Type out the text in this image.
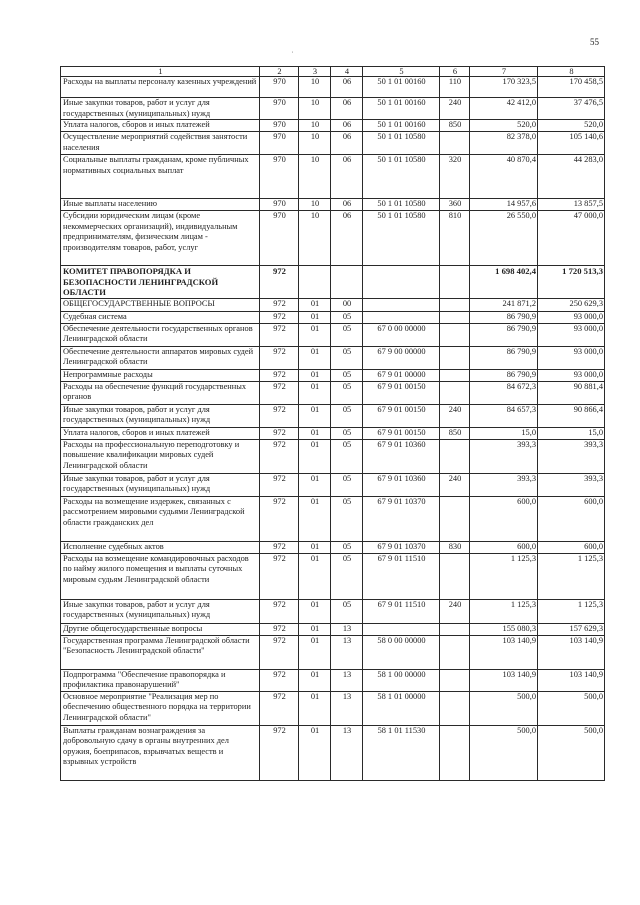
55
˙
1	2	3	4	5	6	7	8
Расходы на выплаты персоналу казенных учреждений	970	10	06	50 1 01 00160	110	170 323,5	170 458,5
Иные закупки товаров, работ и услуг для государственных (муниципальных) нужд	970	10	06	50 1 01 00160	240	42 412,0	37 476,5
Уплата налогов, сборов и иных платежей	970	10	06	50 1 01 00160	850	520,0	520,0
Осуществление мероприятий содействия занятости населения	970	10	06	50 1 01 10580		82 378,0	105 140,6
Социальные выплаты гражданам, кроме публичных нормативных социальных выплат	970	10	06	50 1 01 10580	320	40 870,4	44 283,0
Иные выплаты населению	970	10	06	50 1 01 10580	360	14 957,6	13 857,5
Субсидии юридическим лицам (кроме некоммерческих организаций), индивидуальным предпринимателям, физическим лицам - производителям товаров, работ, услуг	970	10	06	50 1 01 10580	810	26 550,0	47 000,0
КОМИТЕТ ПРАВОПОРЯДКА И БЕЗОПАСНОСТИ ЛЕНИНГРАДСКОЙ ОБЛАСТИ	972					1 698 402,4	1 720 513,3
ОБЩЕГОСУДАРСТВЕННЫЕ ВОПРОСЫ	972	01	00			241 871,2	250 629,3
Судебная система	972	01	05			86 790,9	93 000,0
Обеспечение деятельности государственных органов Ленинградской области	972	01	05	67 0 00 00000		86 790,9	93 000,0
Обеспечение деятельности аппаратов мировых судей Ленинградской области	972	01	05	67 9 00 00000		86 790,9	93 000,0
Непрограммные расходы	972	01	05	67 9 01 00000		86 790,9	93 000,0
Расходы на обеспечение функций государственных органов	972	01	05	67 9 01 00150		84 672,3	90 881,4
Иные закупки товаров, работ и услуг для государственных (муниципальных) нужд	972	01	05	67 9 01 00150	240	84 657,3	90 866,4
Уплата налогов, сборов и иных платежей	972	01	05	67 9 01 00150	850	15,0	15,0
Расходы на профессиональную переподготовку и повышение квалификации мировых судей Ленинградской области	972	01	05	67 9 01 10360		393,3	393,3
Иные закупки товаров, работ и услуг для государственных (муниципальных) нужд	972	01	05	67 9 01 10360	240	393,3	393,3
Расходы на возмещение издержек, связанных с рассмотрением мировыми судьями Ленинградской области гражданских дел	972	01	05	67 9 01 10370		600,0	600,0
Исполнение судебных актов	972	01	05	67 9 01 10370	830	600,0	600,0
Расходы на возмещение командировочных расходов по найму жилого помещения и выплаты суточных мировым судьям Ленинградской области	972	01	05	67 9 01 11510		1 125,3	1 125,3
Иные закупки товаров, работ и услуг для государственных (муниципальных) нужд	972	01	05	67 9 01 11510	240	1 125,3	1 125,3
Другие общегосударственные вопросы	972	01	13			155 080,3	157 629,3
Государственная программа Ленинградской области "Безопасность Ленинградской области"	972	01	13	58 0 00 00000		103 140,9	103 140,9
Подпрограмма "Обеспечение правопорядка и профилактика правонарушений"	972	01	13	58 1 00 00000		103 140,9	103 140,9
Основное мероприятие "Реализация мер по обеспечению общественного порядка на территории Ленинградской области"	972	01	13	58 1 01 00000		500,0	500,0
Выплаты гражданам вознаграждения за добровольную сдачу в органы внутренних дел оружия, боеприпасов, взрывчатых веществ и взрывных устройств	972	01	13	58 1 01 11530		500,0	500,0
